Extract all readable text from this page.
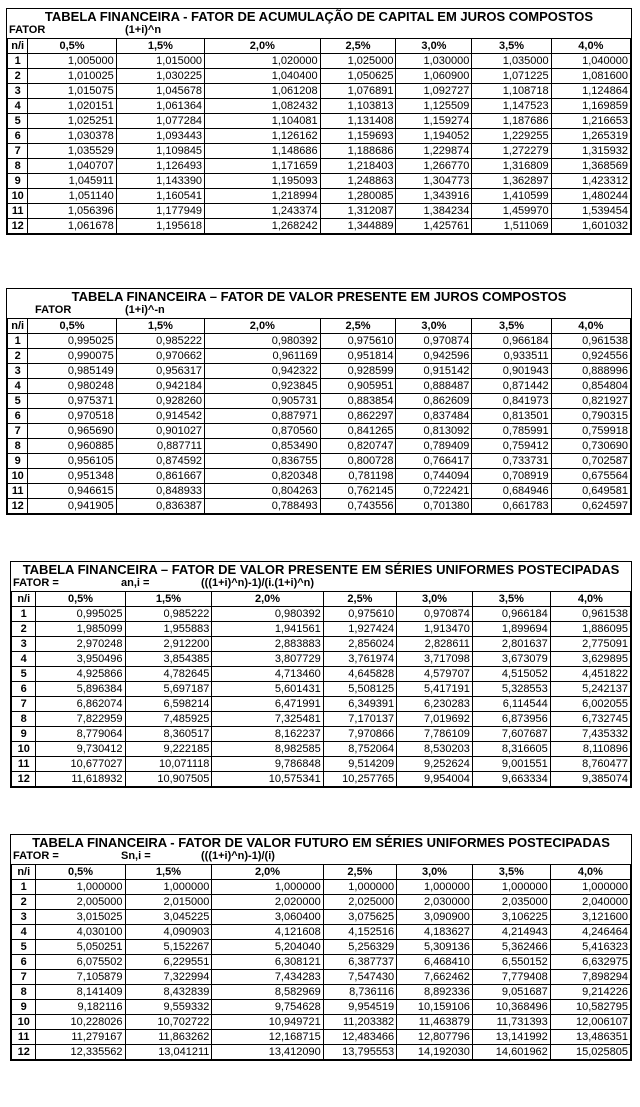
TABELA FINANCEIRA - FATOR DE ACUMULAÇÃO DE CAPITAL EM JUROS COMPOSTOS
FATOR	(1+i)^n
n/i	0,5%	1,5%	2,0%	2,5%	3,0%	3,5%	4,0%
1	1,005000	1,015000	1,020000	1,025000	1,030000	1,035000	1,040000
2	1,010025	1,030225	1,040400	1,050625	1,060900	1,071225	1,081600
3	1,015075	1,045678	1,061208	1,076891	1,092727	1,108718	1,124864
4	1,020151	1,061364	1,082432	1,103813	1,125509	1,147523	1,169859
5	1,025251	1,077284	1,104081	1,131408	1,159274	1,187686	1,216653
6	1,030378	1,093443	1,126162	1,159693	1,194052	1,229255	1,265319
7	1,035529	1,109845	1,148686	1,188686	1,229874	1,272279	1,315932
8	1,040707	1,126493	1,171659	1,218403	1,266770	1,316809	1,368569
9	1,045911	1,143390	1,195093	1,248863	1,304773	1,362897	1,423312
10	1,051140	1,160541	1,218994	1,280085	1,343916	1,410599	1,480244
11	1,056396	1,177949	1,243374	1,312087	1,384234	1,459970	1,539454
12	1,061678	1,195618	1,268242	1,344889	1,425761	1,511069	1,601032
TABELA FINANCEIRA – FATOR DE VALOR PRESENTE EM JUROS COMPOSTOS
FATOR	(1+i)^-n
n/i	0,5%	1,5%	2,0%	2,5%	3,0%	3,5%	4,0%
1	0,995025	0,985222	0,980392	0,975610	0,970874	0,966184	0,961538
2	0,990075	0,970662	0,961169	0,951814	0,942596	0,933511	0,924556
3	0,985149	0,956317	0,942322	0,928599	0,915142	0,901943	0,888996
4	0,980248	0,942184	0,923845	0,905951	0,888487	0,871442	0,854804
5	0,975371	0,928260	0,905731	0,883854	0,862609	0,841973	0,821927
6	0,970518	0,914542	0,887971	0,862297	0,837484	0,813501	0,790315
7	0,965690	0,901027	0,870560	0,841265	0,813092	0,785991	0,759918
8	0,960885	0,887711	0,853490	0,820747	0,789409	0,759412	0,730690
9	0,956105	0,874592	0,836755	0,800728	0,766417	0,733731	0,702587
10	0,951348	0,861667	0,820348	0,781198	0,744094	0,708919	0,675564
11	0,946615	0,848933	0,804263	0,762145	0,722421	0,684946	0,649581
12	0,941905	0,836387	0,788493	0,743556	0,701380	0,661783	0,624597
TABELA FINANCEIRA – FATOR DE VALOR PRESENTE EM SÉRIES UNIFORMES POSTECIPADAS
FATOR =	an,i =	(((1+i)^n)-1)/(i.(1+i)^n)
n/i	0,5%	1,5%	2,0%	2,5%	3,0%	3,5%	4,0%
1	0,995025	0,985222	0,980392	0,975610	0,970874	0,966184	0,961538
2	1,985099	1,955883	1,941561	1,927424	1,913470	1,899694	1,886095
3	2,970248	2,912200	2,883883	2,856024	2,828611	2,801637	2,775091
4	3,950496	3,854385	3,807729	3,761974	3,717098	3,673079	3,629895
5	4,925866	4,782645	4,713460	4,645828	4,579707	4,515052	4,451822
6	5,896384	5,697187	5,601431	5,508125	5,417191	5,328553	5,242137
7	6,862074	6,598214	6,471991	6,349391	6,230283	6,114544	6,002055
8	7,822959	7,485925	7,325481	7,170137	7,019692	6,873956	6,732745
9	8,779064	8,360517	8,162237	7,970866	7,786109	7,607687	7,435332
10	9,730412	9,222185	8,982585	8,752064	8,530203	8,316605	8,110896
11	10,677027	10,071118	9,786848	9,514209	9,252624	9,001551	8,760477
12	11,618932	10,907505	10,575341	10,257765	9,954004	9,663334	9,385074
TABELA FINANCEIRA - FATOR DE VALOR FUTURO EM SÉRIES UNIFORMES POSTECIPADAS
FATOR =	Sn,i =	(((1+i)^n)-1)/(i)
n/i	0,5%	1,5%	2,0%	2,5%	3,0%	3,5%	4,0%
1	1,000000	1,000000	1,000000	1,000000	1,000000	1,000000	1,000000
2	2,005000	2,015000	2,020000	2,025000	2,030000	2,035000	2,040000
3	3,015025	3,045225	3,060400	3,075625	3,090900	3,106225	3,121600
4	4,030100	4,090903	4,121608	4,152516	4,183627	4,214943	4,246464
5	5,050251	5,152267	5,204040	5,256329	5,309136	5,362466	5,416323
6	6,075502	6,229551	6,308121	6,387737	6,468410	6,550152	6,632975
7	7,105879	7,322994	7,434283	7,547430	7,662462	7,779408	7,898294
8	8,141409	8,432839	8,582969	8,736116	8,892336	9,051687	9,214226
9	9,182116	9,559332	9,754628	9,954519	10,159106	10,368496	10,582795
10	10,228026	10,702722	10,949721	11,203382	11,463879	11,731393	12,006107
11	11,279167	11,863262	12,168715	12,483466	12,807796	13,141992	13,486351
12	12,335562	13,041211	13,412090	13,795553	14,192030	14,601962	15,025805
